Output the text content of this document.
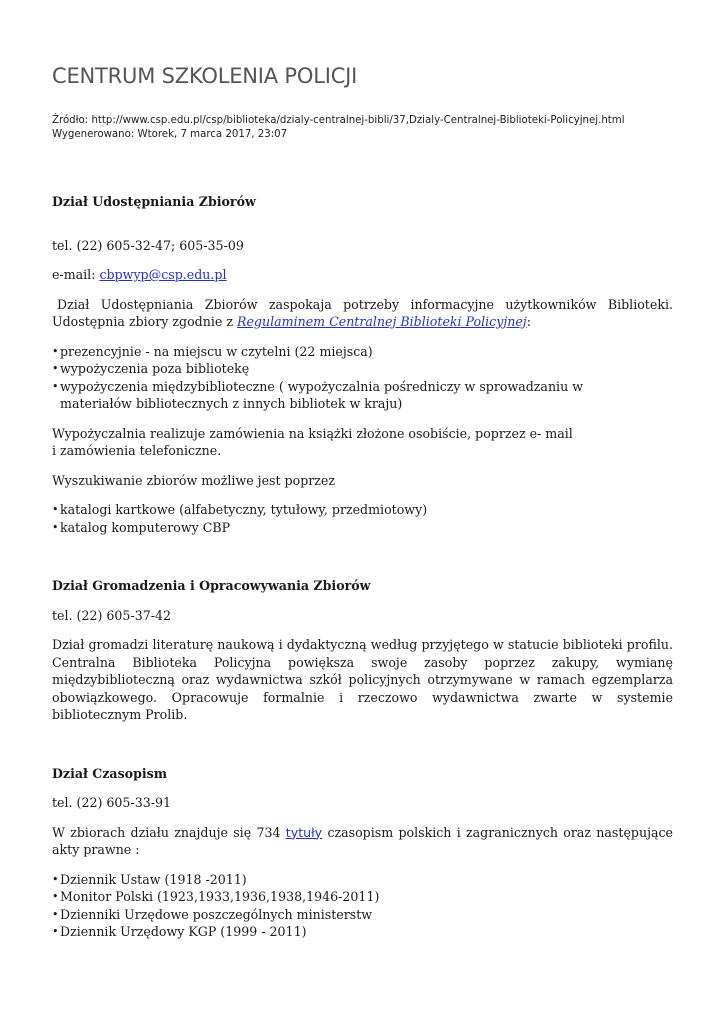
CENTRUM SZKOLENIA POLICJI
Źródło: http://www.csp.edu.pl/csp/biblioteka/dzialy-centralnej-bibli/37,Dzialy-Centralnej-Biblioteki-Policyjnej.html
Wygenerowano: Wtorek, 7 marca 2017, 23:07
Dział Udostępniania Zbiorów

tel. (22) 605-32-47; 605-35-09

e-mail: cbpwyp@csp.edu.pl

Dział Udostępniania Zbiorów zaspokaja potrzeby informacyjne użytkowników Biblioteki. Udostępnia zbiory zgodnie z Regulaminem Centralnej Biblioteki Policyjnej:

• prezencyjnie - na miejscu w czytelni (22 miejsca)
• wypożyczenia poza bibliotekę
• wypożyczenia międzybiblioteczne ( wypożyczalnia pośredniczy w sprowadzaniu w materiałów bibliotecznych z innych bibliotek w kraju)

Wypożyczalnia realizuje zamówienia na książki złożone osobiście, poprzez e- mail
i zamówienia telefoniczne.

Wyszukiwanie zbiorów możliwe jest poprzez

• katalogi kartkowe (alfabetyczny, tytułowy, przedmiotowy)
• katalog komputerowy CBP
Dział Gromadzenia i Opracowywania Zbiorów

tel. (22) 605-37-42

Dział gromadzi literaturę naukową i dydaktyczną według przyjętego w statucie biblioteki profilu. Centralna Biblioteka Policyjna powiększa swoje zasoby poprzez zakupy, wymianę międzybiblioteczną oraz wydawnictwa szkół policyjnych otrzymywane w ramach egzemplarza obowiązkowego. Opracowuje formalnie i rzeczowo wydawnictwa zwarte w systemie bibliotecznym Prolib.

Dział Czasopism

tel. (22) 605-33-91

W zbiorach działu znajduje się 734 tytuły czasopism polskich i zagranicznych oraz następujące akty prawne :

• Dziennik Ustaw (1918 -2011)
• Monitor Polski (1923,1933,1936,1938,1946-2011)
• Dzienniki Urzędowe poszczególnych ministerstw
• Dziennik Urzędowy KGP (1999 - 2011)
